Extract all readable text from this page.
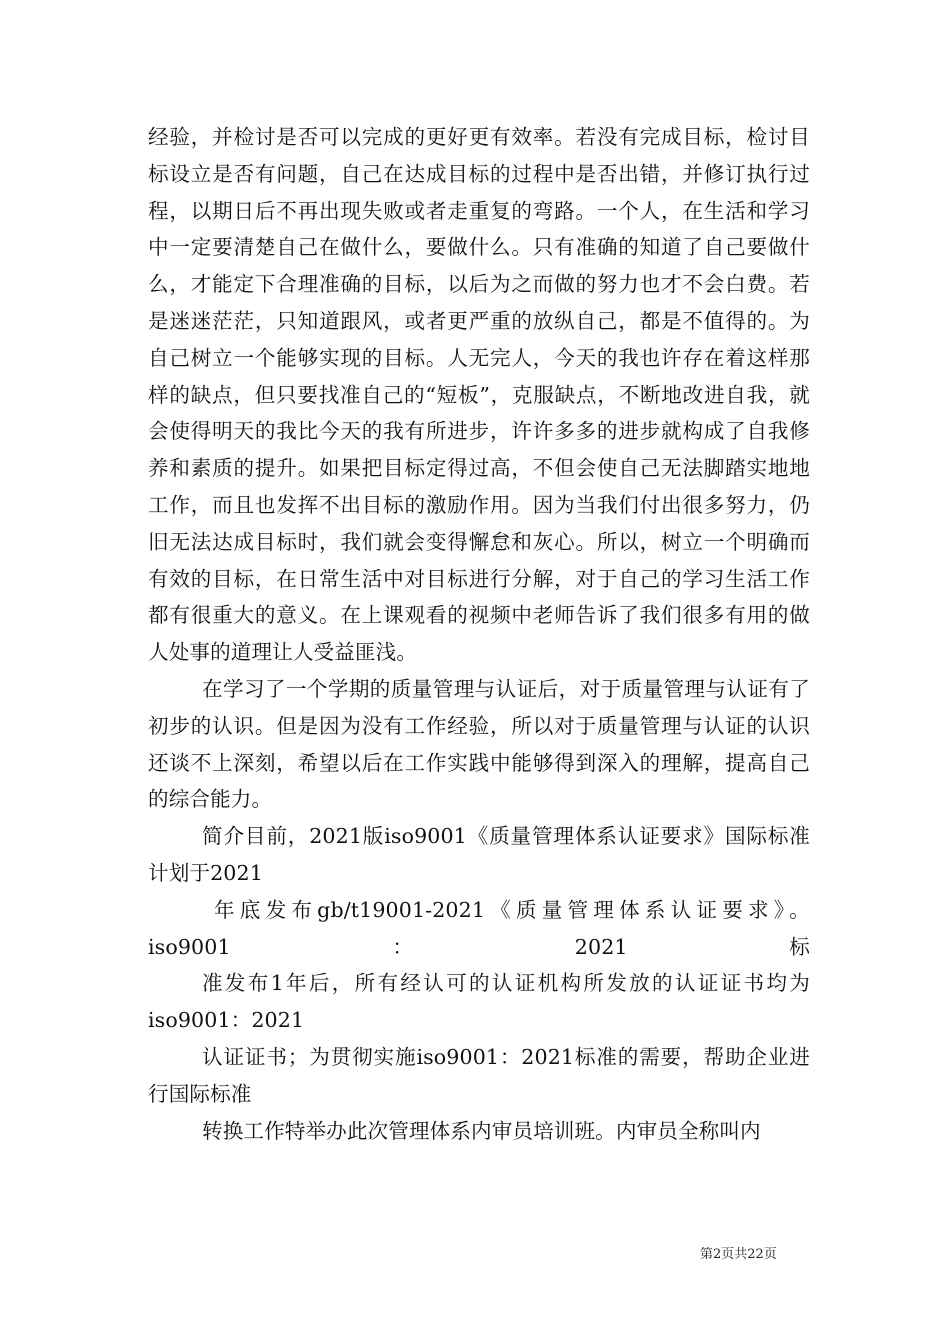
经验，并检讨是否可以完成的更好更有效率。若没有完成目标，检讨目标设立是否有问题，自己在达成目标的过程中是否出错，并修订执行过程，以期日后不再出现失败或者走重复的弯路。一个人，在生活和学习中一定要清楚自己在做什么，要做什么。只有准确的知道了自己要做什么，才能定下合理准确的目标，以后为之而做的努力也才不会白费。若是迷迷茫茫，只知道跟风，或者更严重的放纵自己，都是不值得的。为自己树立一个能够实现的目标。人无完人，今天的我也许存在着这样那样的缺点，但只要找准自己的“短板”，克服缺点，不断地改进自我，就会使得明天的我比今天的我有所进步，许许多多的进步就构成了自我修养和素质的提升。如果把目标定得过高，不但会使自己无法脚踏实地地工作，而且也发挥不出目标的激励作用。因为当我们付出很多努力，仍旧无法达成目标时，我们就会变得懈怠和灰心。所以，树立一个明确而有效的目标，在日常生活中对目标进行分解，对于自己的学习生活工作都有很重大的意义。在上课观看的视频中老师告诉了我们很多有用的做人处事的道理让人受益匪浅。

在学习了一个学期的质量管理与认证后，对于质量管理与认证有了初步的认识。但是因为没有工作经验，所以对于质量管理与认证的认识还谈不上深刻，希望以后在工作实践中能够得到深入的理解，提高自己的综合能力。

简介目前，2021版iso9001《质量管理体系认证要求》国际标准计划于2021

年底发布gb/t19001-2021《质量管理体系认证要求》。iso9001：2021标

准发布1年后，所有经认可的认证机构所发放的认证证书均为iso9001：2021

认证证书；为贯彻实施iso9001：2021标准的需要，帮助企业进行国际标准

转换工作特举办此次管理体系内审员培训班。内审员全称叫内

第2页共22页
